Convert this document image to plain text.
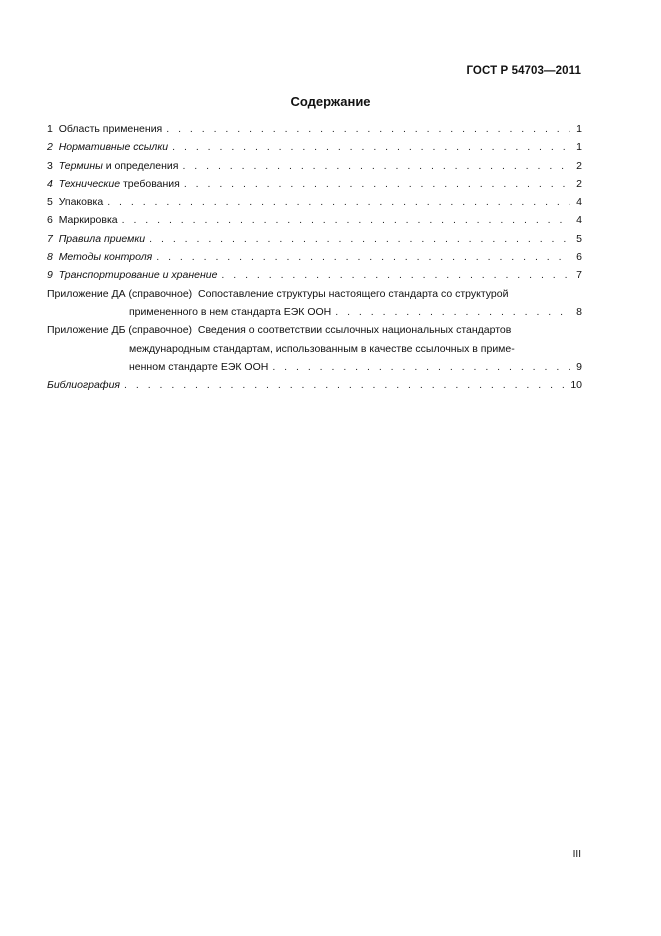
ГОСТ Р 54703—2011
Содержание
1 Область применения . . .	1
2 Нормативные ссылки . . .	1
3 Термины и определения . . .	2
4 Технические требования . . .	2
5 Упаковка . . .	4
6 Маркировка . . .	4
7 Правила приемки . . .	5
8 Методы контроля . . .	6
9 Транспортирование и хранение . . .	7
Приложение ДА (справочное) Сопоставление структуры настоящего стандарта со структурой
примененного в нем стандарта ЕЭК ООН . . .	8
Приложение ДБ (справочное) Сведения о соответствии ссылочных национальных стандартов
международным стандартам, использованным в качестве ссылочных в приме-
ненном стандарте ЕЭК ООН . . .	9
Библиография . . .	10
III
